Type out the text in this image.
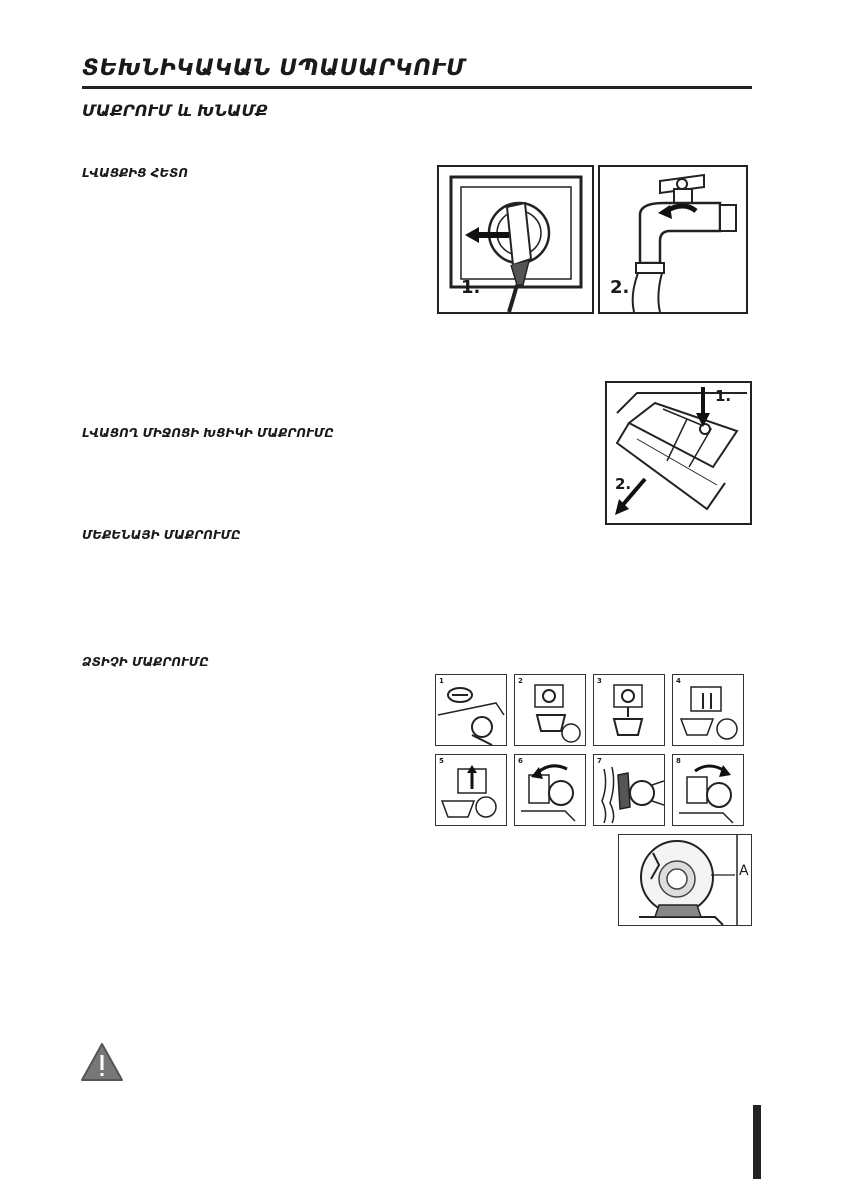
ՏԵԽՆԻԿԱԿԱՆ ՍՊԱՍԱՐԿՈՒՄ
ՄԱՔՐՈՒՄ և ԽՆԱՄՔ

ԼՎԱՑՔԻՑ ՀԵՏՈ

ԼՎԱՑՈՂ ՄԻՋՈՑԻ ԽՑԻԿԻ ՄԱՔՐՈՒՄԸ

ՄԵՔԵՆԱՅԻ ՄԱՔՐՈՒՄԸ

ՁՏԻՉԻ ՄԱՔՐՈՒՄԸ

1.	2.
1.
2.
1	2	3	4
5	6	7	8
A
